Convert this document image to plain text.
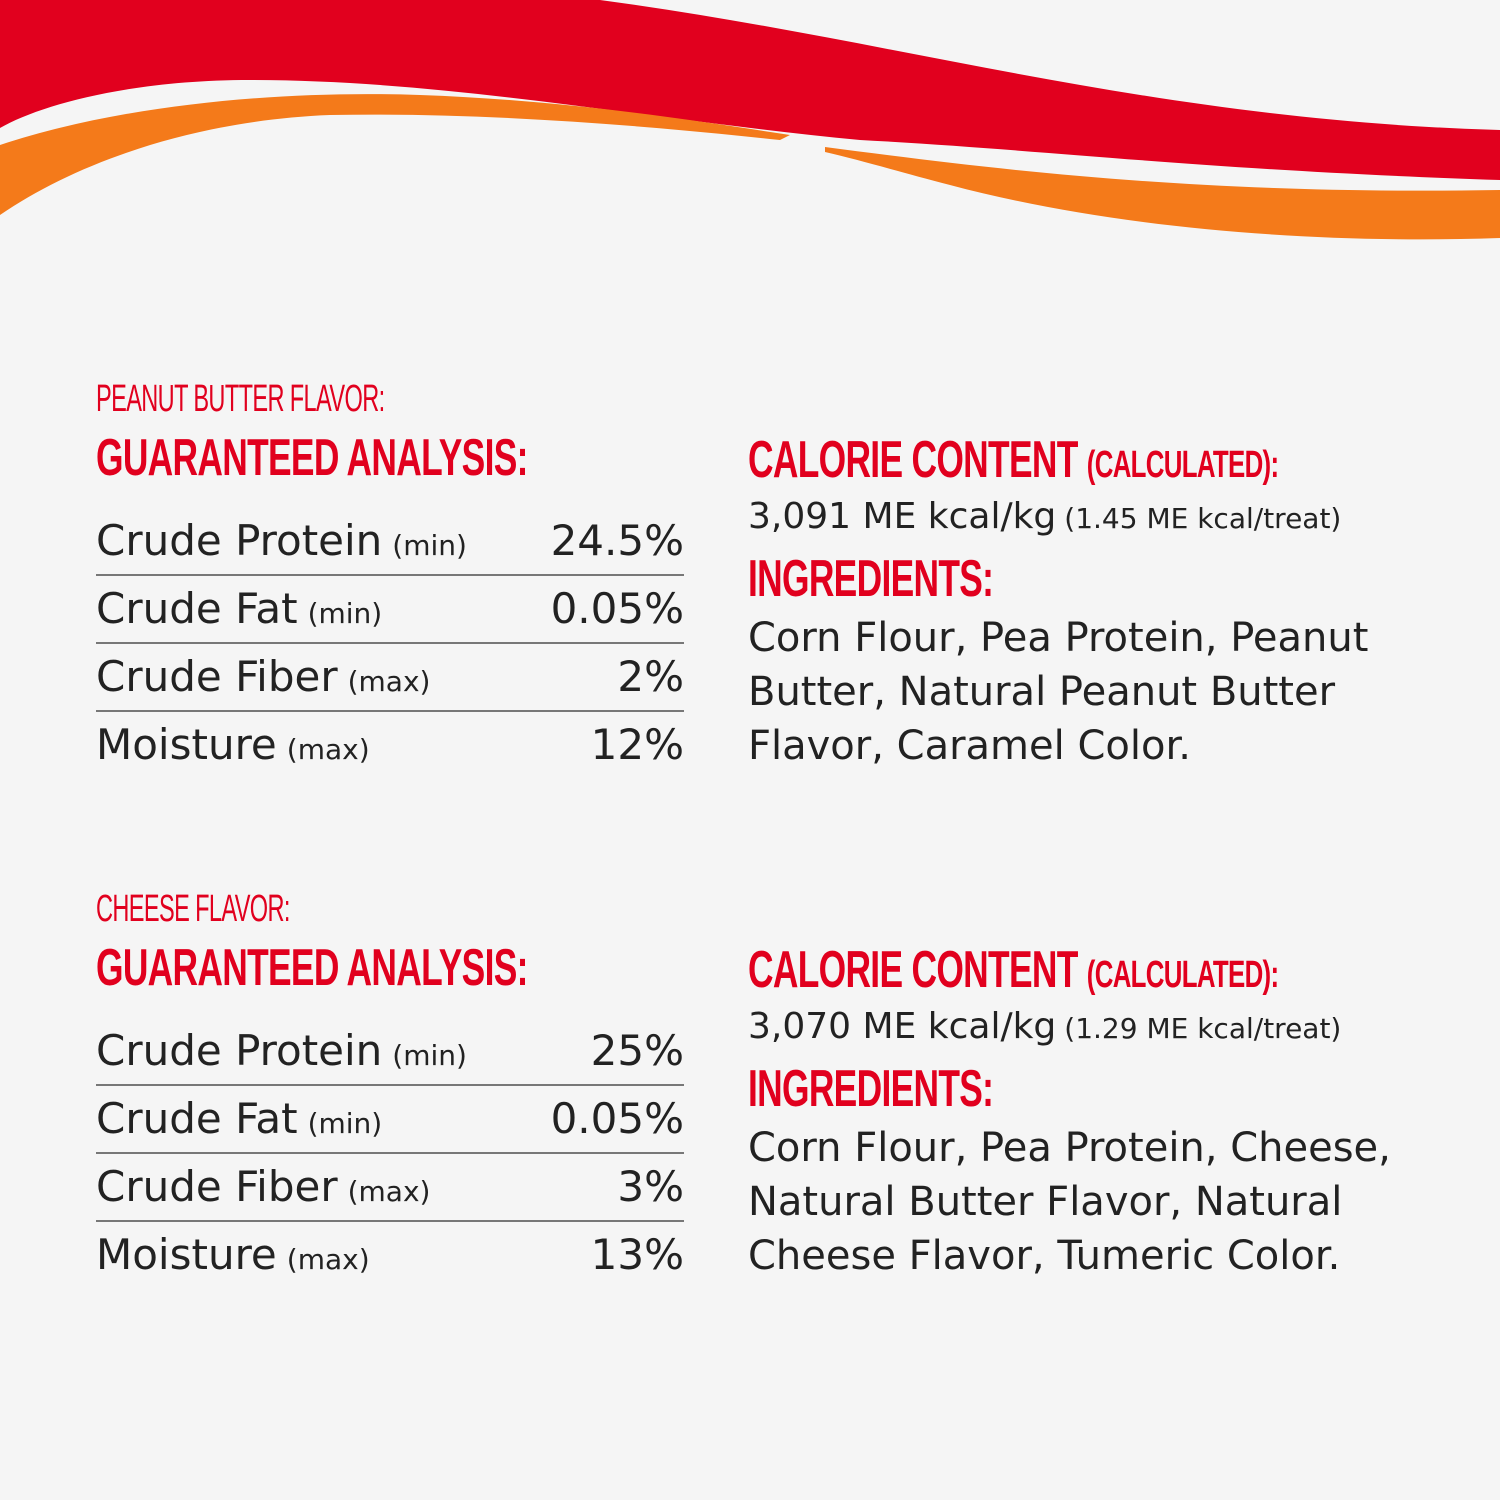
PEANUT BUTTER FLAVOR:
GUARANTEED ANALYSIS:
Crude Protein (min) 24.5%
Crude Fat (min)	0.05%
Crude Fiber (max)	2%
Moisture (max)	12%
CALORIE CONTENT (CALCULATED):
3,091 ME kcal/kg (1.45 ME kcal/treat)
INGREDIENTS:
Corn Flour, Pea Protein, Peanut
Butter, Natural Peanut Butter
Flavor, Caramel Color.
CHEESE FLAVOR:
GUARANTEED ANALYSIS:
Crude Protein (min)	25%
Crude Fat (min)	0.05%
Crude Fiber (max)	3%
Moisture (max)	13%
CALORIE CONTENT (CALCULATED):
3,070 ME kcal/kg (1.29 ME kcal/treat)
INGREDIENTS:
Corn Flour, Pea Protein, Cheese,
Natural Butter Flavor, Natural
Cheese Flavor, Tumeric Color.
